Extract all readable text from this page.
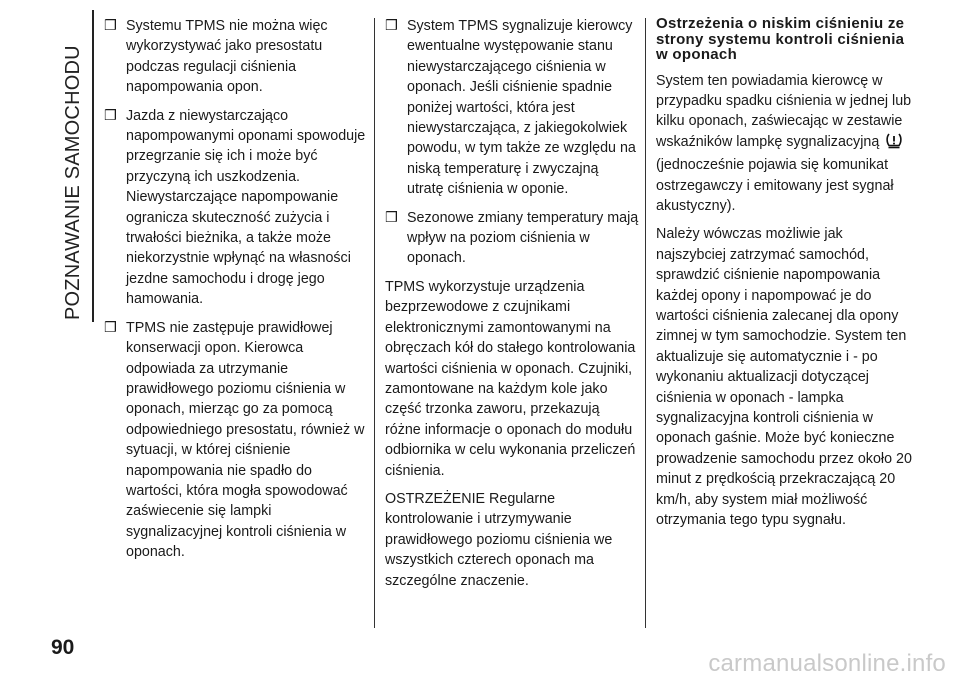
POZNAWANIE SAMOCHODU

❒ Systemu TPMS nie można więc wykorzystywać jako presostatu podczas regulacji ciśnienia napompowania opon.

❒ Jazda z niewystarczająco napompowanymi oponami spowoduje przegrzanie się ich i może być przyczyną ich uszkodzenia. Niewystarczające napompowanie ogranicza skuteczność zużycia i trwałości bieżnika, a także może niekorzystnie wpłynąć na własności jezdne samochodu i drogę jego hamowania.

❒ TPMS nie zastępuje prawidłowej konserwacji opon. Kierowca odpowiada za utrzymanie prawidłowego poziomu ciśnienia w oponach, mierząc go za pomocą odpowiedniego presostatu, również w sytuacji, w której ciśnienie napompowania nie spadło do wartości, która mogła spowodować zaświecenie się lampki sygnalizacyjnej kontroli ciśnienia w oponach.

❒ System TPMS sygnalizuje kierowcy ewentualne występowanie stanu niewystarczającego ciśnienia w oponach. Jeśli ciśnienie spadnie poniżej wartości, która jest niewystarczająca, z jakiegokolwiek powodu, w tym także ze względu na niską temperaturę i zwyczajną utratę ciśnienia w oponie.

❒ Sezonowe zmiany temperatury mają wpływ na poziom ciśnienia w oponach.

TPMS wykorzystuje urządzenia bezprzewodowe z czujnikami elektronicznymi zamontowanymi na obręczach kół do stałego kontrolowania wartości ciśnienia w oponach. Czujniki, zamontowane na każdym kole jako część trzonka zaworu, przekazują różne informacje o oponach do modułu odbiornika w celu wykonania przeliczeń ciśnienia.

OSTRZEŻENIE Regularne kontrolowanie i utrzymywanie prawidłowego poziomu ciśnienia we wszystkich czterech oponach ma szczególne znaczenie.

Ostrzeżenia o niskim ciśnieniu ze strony systemu kontroli ciśnienia w oponach

System ten powiadamia kierowcę w przypadku spadku ciśnienia w jednej lub kilku oponach, zaświecając w zestawie wskaźników lampkę sygnalizacyjną  (jednocześnie pojawia się komunikat ostrzegawczy i emitowany jest sygnał akustyczny).

Należy wówczas możliwie jak najszybciej zatrzymać samochód, sprawdzić ciśnienie napompowania każdej opony i napompować je do wartości ciśnienia zalecanej dla opony zimnej w tym samochodzie. System ten aktualizuje się automatycznie i - po wykonaniu aktualizacji dotyczącej ciśnienia w oponach - lampka sygnalizacyjna kontroli ciśnienia w oponach gaśnie. Może być konieczne prowadzenie samochodu przez około 20 minut z prędkością przekraczającą 20 km/h, aby system miał możliwość otrzymania tego typu sygnału.

90
carmanualsonline.info
